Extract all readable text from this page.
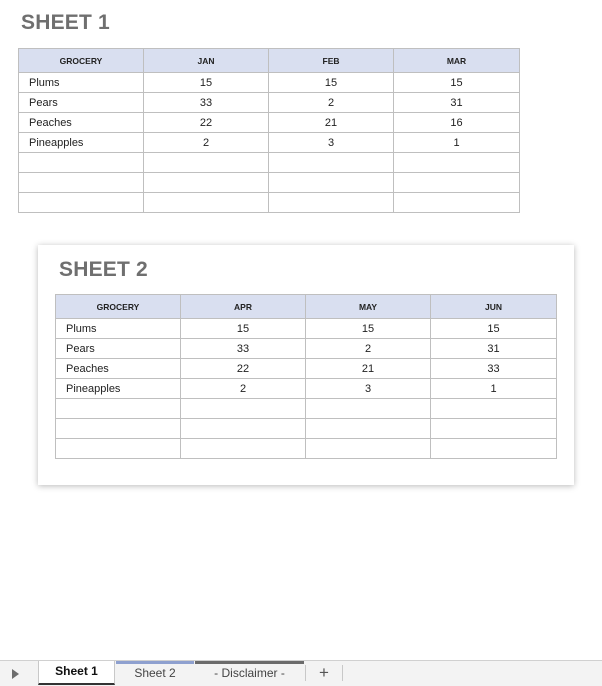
SHEET 1
GROCERY	JAN	FEB	MAR
Plums	15	15	15
Pears	33	2	31
Peaches	22	21	16
Pineapples	2	3	1

SHEET 2
GROCERY	APR	MAY	JUN
Plums	15	15	15
Pears	33	2	31
Peaches	22	21	33
Pineapples	2	3	1

Sheet 1	Sheet 2	- Disclaimer -	+
